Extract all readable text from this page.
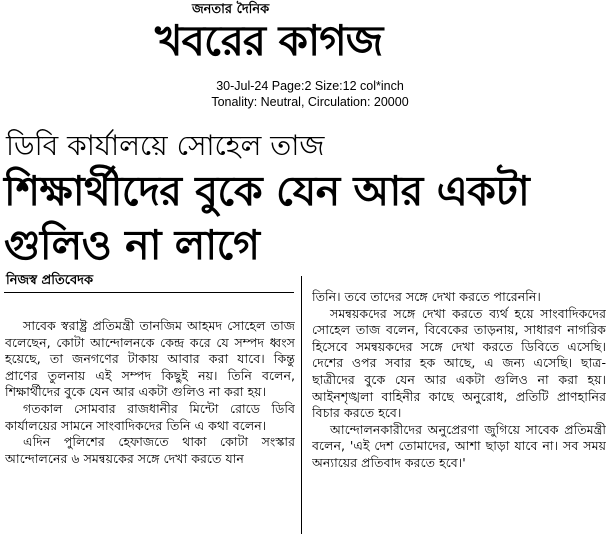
জনতার দৈনিক
খবরের কাগজ
30-Jul-24 Page:2 Size:12 col*inch
Tonality: Neutral, Circulation: 20000
ডিবি কার্যালয়ে সোহেল তাজ
শিক্ষার্থীদের বুকে যেন আর একটা গুলিও না লাগে
নিজস্ব প্রতিবেদক

সাবেক স্বরাষ্ট্র প্রতিমন্ত্রী তানজিম আহমদ সোহেল তাজ বলেছেন, কোটা আন্দোলনকে কেন্দ্র করে যে সম্পদ ধ্বংস হয়েছে, তা জনগণের টাকায় আবার করা যাবে। কিন্তু প্রাণের তুলনায় এই সম্পদ কিছুই নয়। তিনি বলেন, শিক্ষার্থীদের বুকে যেন আর একটা গুলিও না করা হয়।

গতকাল সোমবার রাজধানীর মিন্টো রোডে ডিবি কার্যালয়ের সামনে সাংবাদিকদের তিনি এ কথা বলেন।

এদিন পুলিশের হেফাজতে থাকা কোটা সংস্কার আন্দোলনের ৬ সমন্বয়কের সঙ্গে দেখা করতে যান

তিনি। তবে তাদের সঙ্গে দেখা করতে পারেননি।

সমন্বয়কদের সঙ্গে দেখা করতে ব্যর্থ হয়ে সাংবাদিকদের সোহেল তাজ বলেন, বিবেকের তাড়নায়, সাধারণ নাগরিক হিসেবে সমন্বয়কদের সঙ্গে দেখা করতে ডিবিতে এসেছি। দেশের ওপর সবার হক আছে, এ জন্য এসেছি। ছাত্র-ছাত্রীদের বুকে যেন আর একটা গুলিও না করা হয়। আইনশৃঙ্খলা বাহিনীর কাছে অনুরোধ, প্রতিটি প্রাণহানির বিচার করতে হবে।

আন্দোলনকারীদের অনুপ্রেরণা জুগিয়ে সাবেক প্রতিমন্ত্রী বলেন, 'এই দেশ তোমাদের, আশা ছাড়া যাবে না। সব সময় অন্যায়ের প্রতিবাদ করতে হবে।'
